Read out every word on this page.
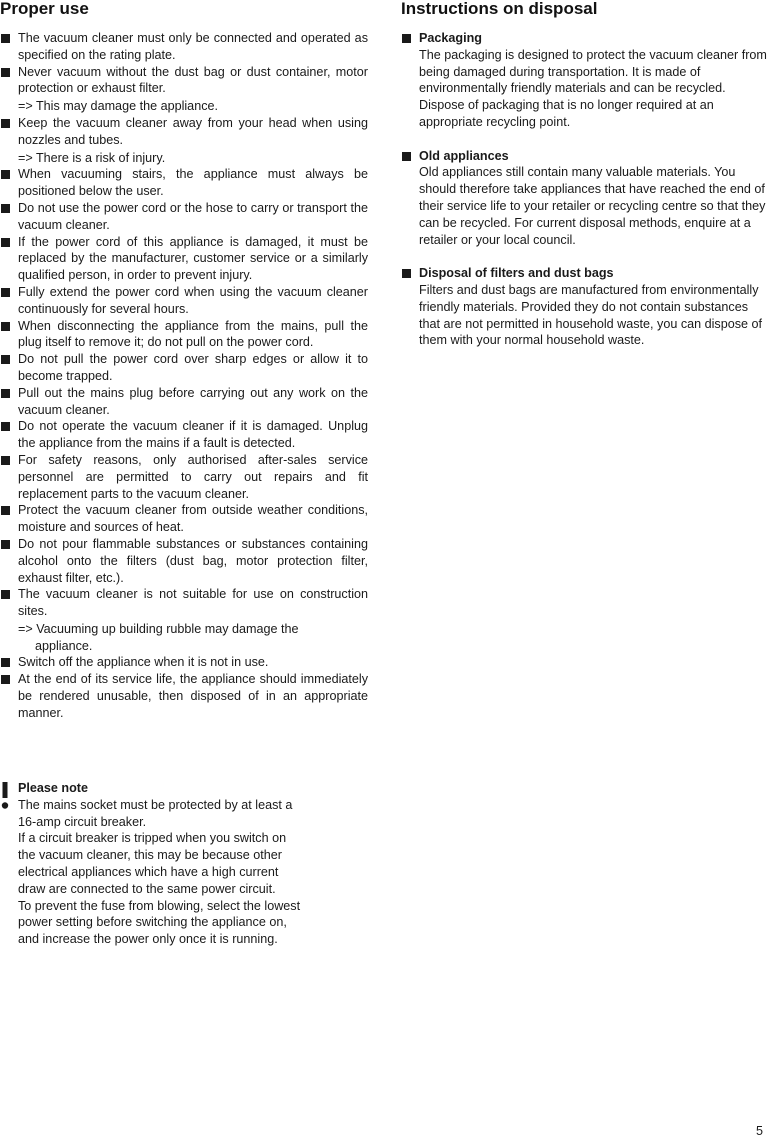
Proper use
The vacuum cleaner must only be connected and operated as specified on the rating plate.
Never vacuum without the dust bag or dust container, motor protection or exhaust filter.
=> This may damage the appliance.
Keep the vacuum cleaner away from your head when using nozzles and tubes.
=> There is a risk of injury.
When vacuuming stairs, the appliance must always be positioned below the user.
Do not use the power cord or the hose to carry or transport the vacuum cleaner.
If the power cord of this appliance is damaged, it must be replaced by the manufacturer, customer service or a similarly qualified person, in order to prevent injury.
Fully extend the power cord when using the vacuum cleaner continuously for several hours.
When disconnecting the appliance from the mains, pull the plug itself to remove it; do not pull on the power cord.
Do not pull the power cord over sharp edges or allow it to become trapped.
Pull out the mains plug before carrying out any work on the vacuum cleaner.
Do not operate the vacuum cleaner if it is damaged. Unplug the appliance from the mains if a fault is detected.
For safety reasons, only authorised after-sales service personnel are permitted to carry out repairs and fit replacement parts to the vacuum cleaner.
Protect the vacuum cleaner from outside weather conditions, moisture and sources of heat.
Do not pour flammable substances or substances containing alcohol onto the filters (dust bag, motor protection filter, exhaust filter, etc.).
The vacuum cleaner is not suitable for use on construction sites.
=> Vacuuming up building rubble may damage the
appliance.
Switch off the appliance when it is not in use.
At the end of its service life, the appliance should immediately be rendered unusable, then disposed of in an appropriate manner.
Please note
The mains socket must be protected by at least a
16-amp circuit breaker.
If a circuit breaker is tripped when you switch on
the vacuum cleaner, this may be because other
electrical appliances which have a high current
draw are connected to the same power circuit.
To prevent the fuse from blowing, select the lowest
power setting before switching the appliance on,
and increase the power only once it is running.
Instructions on disposal
Packaging
The packaging is designed to protect the vacuum cleaner from being damaged during transportation. It is made of environmentally friendly materials and can be recycled. Dispose of packaging that is no longer required at an appropriate recycling point.
Old appliances
Old appliances still contain many valuable materials. You should therefore take appliances that have reached the end of their service life to your retailer or recycling centre so that they can be recycled. For current disposal methods, enquire at a retailer or your local council.
Disposal of filters and dust bags
Filters and dust bags are manufactured from environmentally friendly materials. Provided they do not contain substances that are not permitted in household waste, you can dispose of them with your normal household waste.
5
